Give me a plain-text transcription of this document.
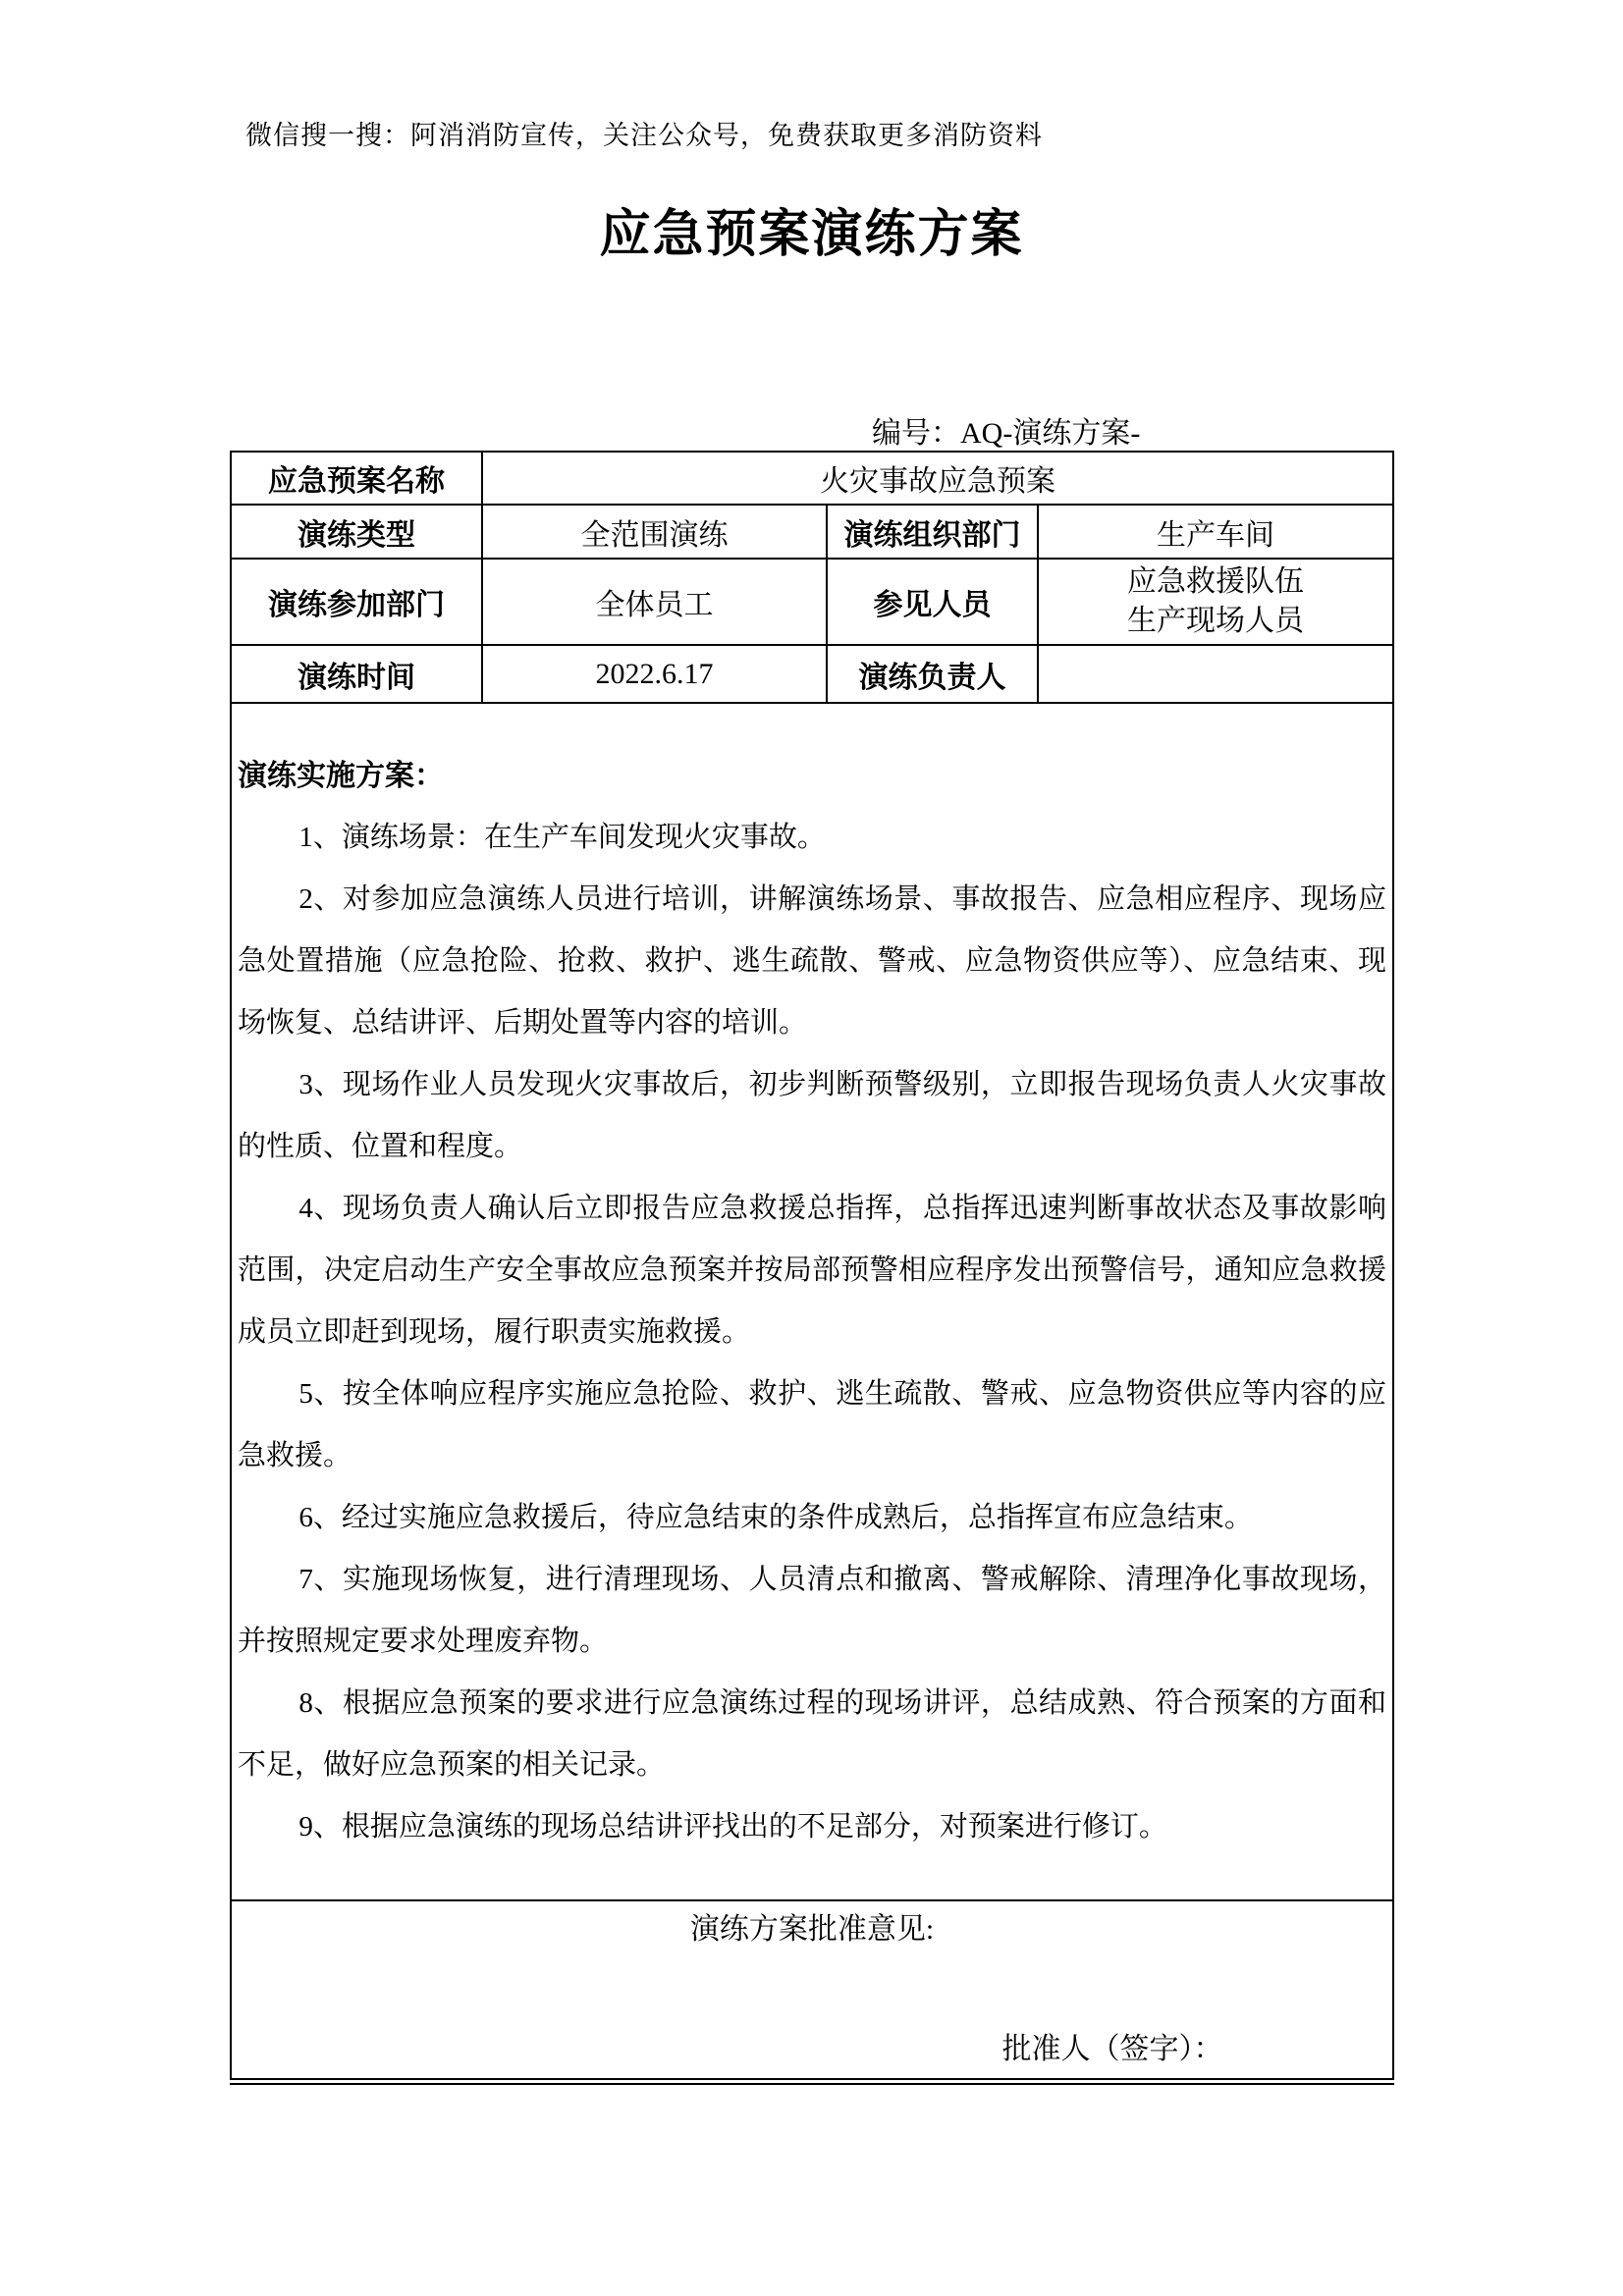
微信搜一搜：阿消消防宣传，关注公众号，免费获取更多消防资料
应急预案演练方案
编号：AQ-演练方案-
应急预案名称	火灾事故应急预案		
演练类型	全范围演练	演练组织部门	生产车间
演练参加部门	全体员工	参见人员	应急救援队伍
生产现场人员

演练时间	2022.6.17	演练负责人	

演练实施方案：

1、演练场景：在生产车间发现火灾事故。

2、对参加应急演练人员进行培训，讲解演练场景、事故报告、应急相应程序、现场应急处置措施（应急抢险、抢救、救护、逃生疏散、警戒、应急物资供应等）、应急结束、现场恢复、总结讲评、后期处置等内容的培训。

3、现场作业人员发现火灾事故后，初步判断预警级别，立即报告现场负责人火灾事故的性质、位置和程度。

4、现场负责人确认后立即报告应急救援总指挥，总指挥迅速判断事故状态及事故影响范围，决定启动生产安全事故应急预案并按局部预警相应程序发出预警信号，通知应急救援成员立即赶到现场，履行职责实施救援。

5、按全体响应程序实施应急抢险、救护、逃生疏散、警戒、应急物资供应等内容的应急救援。

6、经过实施应急救援后，待应急结束的条件成熟后，总指挥宣布应急结束。

7、实施现场恢复，进行清理现场、人员清点和撤离、警戒解除、清理净化事故现场，并按照规定要求处理废弃物。

8、根据应急预案的要求进行应急演练过程的现场讲评，总结成熟、符合预案的方面和不足，做好应急预案的相关记录。

9、根据应急演练的现场总结讲评找出的不足部分，对预案进行修订。

演练方案批准意见:
批准人（签字）：			
